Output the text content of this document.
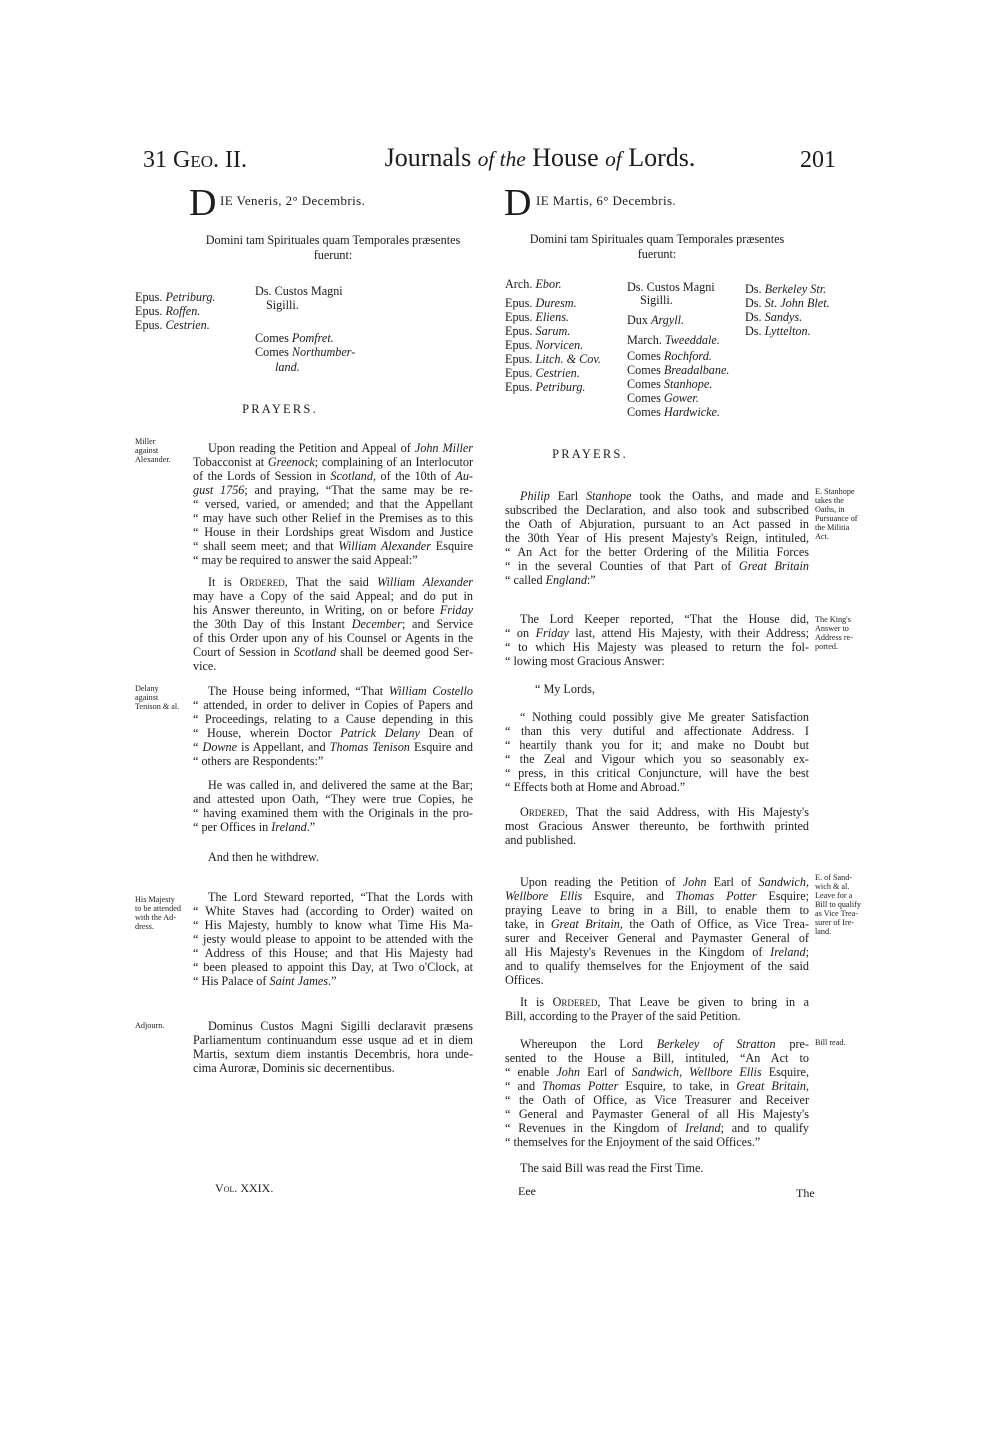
31 Geo. II.	Journals of the House of Lords.	201
D IE Veneris, 2° Decembris.
Domini tam Spirituales quam Temporales præsentes
fuerunt:
Epus. Petriburg.
Epus. Roffen.
Epus. Cestrien.
Ds. Custos Magni
Sigilli.
Comes Pomfret.
Comes Northumber-
land.
PRAYERS.
Miller
against
Alexander.
Upon reading the Petition and Appeal of John Miller
Tobacconist at Greenock; complaining of an Interlocutor
of the Lords of Session in Scotland, of the 10th of Au-
gust 1756; and praying, “That the same may be re-
“ versed, varied, or amended; and that the Appellant
“ may have such other Relief in the Premises as to this
“ House in their Lordships great Wisdom and Justice
“ shall seem meet; and that William Alexander Esquire
“ may be required to answer the said Appeal:”
It is Ordered, That the said William Alexander
may have a Copy of the said Appeal; and do put in
his Answer thereunto, in Writing, on or before Friday
the 30th Day of this Instant December; and Service
of this Order upon any of his Counsel or Agents in the
Court of Session in Scotland shall be deemed good Ser-
vice.
Delany
against
Tenison & al.
The House being informed, “That William Costello
“ attended, in order to deliver in Copies of Papers and
“ Proceedings, relating to a Cause depending in this
“ House, wherein Doctor Patrick Delany Dean of
“ Downe is Appellant, and Thomas Tenison Esquire and
“ others are Respondents:”
He was called in, and delivered the same at the Bar;
and attested upon Oath, “They were true Copies, he
“ having examined them with the Originals in the pro-
“ per Offices in Ireland.”
And then he withdrew.
His Majesty
to be attended
with the Ad-
dress.
The Lord Steward reported, “That the Lords with
“ White Staves had (according to Order) waited on
“ His Majesty, humbly to know what Time His Ma-
“ jesty would please to appoint to be attended with the
“ Address of this House; and that His Majesty had
“ been pleased to appoint this Day, at Two o'Clock, at
“ His Palace of Saint James.”
Adjourn.	Dominus Custos Magni Sigilli declaravit præsens
Parliamentum continuandum esse usque ad et in diem
Martis, sextum diem instantis Decembris, hora unde-
cima Auroræ, Dominis sic decernentibus.
Vol. XXIX.
D IE Martis, 6° Decembris.
Domini tam Spirituales quam Temporales præsentes
fuerunt:
Arch. Ebor.
Epus. Duresm.
Epus. Eliens.
Epus. Sarum.
Epus. Norvicen.
Epus. Litch. & Cov.
Epus. Cestrien.
Epus. Petriburg.
Ds. Custos Magni
Sigilli.
Dux Argyll.
March. Tweeddale.
Comes Rochford.
Comes Breadalbane.
Comes Stanhope.
Comes Gower.
Comes Hardwicke.
Ds. Berkeley Str.
Ds. St. John Blet.
Ds. Sandys.
Ds. Lyttelton.
PRAYERS.
Philip Earl Stanhope took the Oaths, and made and
subscribed the Declaration, and also took and subscribed
the Oath of Abjuration, pursuant to an Act passed in
the 30th Year of His present Majesty's Reign, intituled,
“ An Act for the better Ordering of the Militia Forces
“ in the several Counties of that Part of Great Britain
“ called England:”
E. Stanhope
takes the
Oaths, in
Pursuance of
the Militia
Act.
The Lord Keeper reported, “That the House did,
“ on Friday last, attend His Majesty, with their Address;
“ to which His Majesty was pleased to return the fol-
“ lowing most Gracious Answer:
The King's
Answer to
Address re-
ported.
“ My Lords,
“ Nothing could possibly give Me greater Satisfaction
“ than this very dutiful and affectionate Address. I
“ heartily thank you for it; and make no Doubt but
“ the Zeal and Vigour which you so seasonably ex-
“ press, in this critical Conjuncture, will have the best
“ Effects both at Home and Abroad.”
Ordered, That the said Address, with His Majesty's
most Gracious Answer thereunto, be forthwith printed
and published.
Upon reading the Petition of John Earl of Sandwich,
Wellbore Ellis Esquire, and Thomas Potter Esquire;
praying Leave to bring in a Bill, to enable them to
take, in Great Britain, the Oath of Office, as Vice Trea-
surer and Receiver General and Paymaster General of
all His Majesty's Revenues in the Kingdom of Ireland;
and to qualify themselves for the Enjoyment of the said
Offices.
E. of Sand-
wich & al.
Leave for a
Bill to qualify
as Vice Trea-
surer of Ire-
land.
It is Ordered, That Leave be given to bring in a
Bill, according to the Prayer of the said Petition.
Whereupon the Lord Berkeley of Stratton pre-
sented to the House a Bill, intituled, “An Act to
“ enable John Earl of Sandwich, Wellbore Ellis Esquire,
“ and Thomas Potter Esquire, to take, in Great Britain,
“ the Oath of Office, as Vice Treasurer and Receiver
“ General and Paymaster General of all His Majesty's
“ Revenues in the Kingdom of Ireland; and to qualify
“ themselves for the Enjoyment of the said Offices.”
Bill read.
The said Bill was read the First Time.
Eee	The
